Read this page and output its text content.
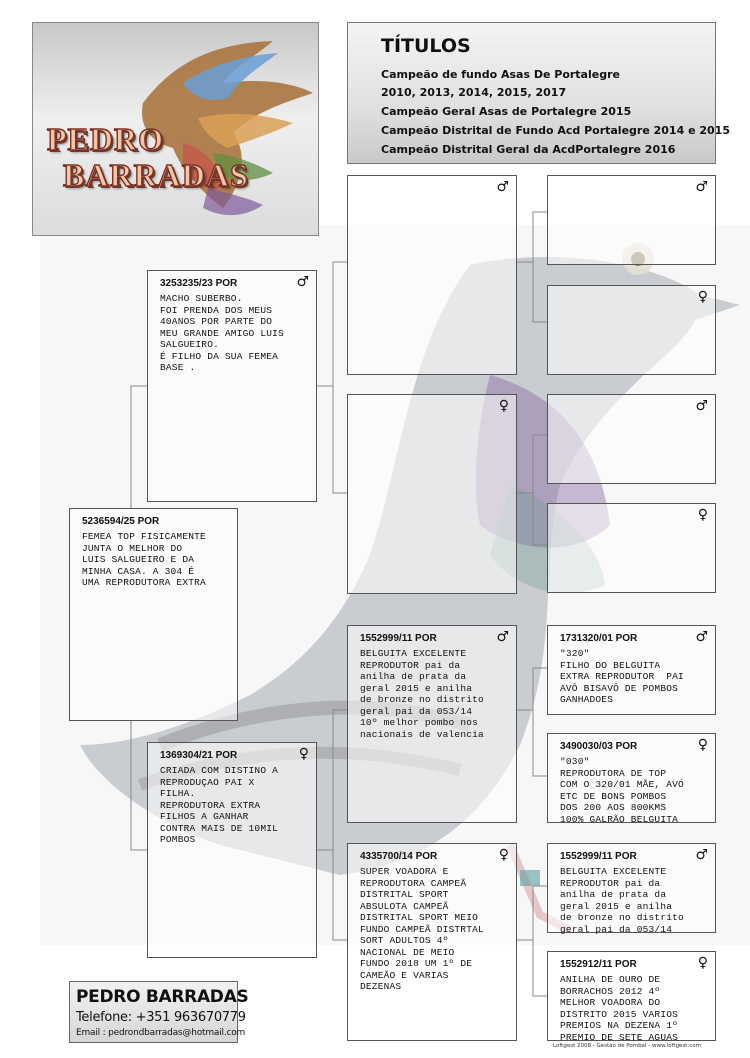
PEDRO
BARRADAS
TÍTULOS
Campeão de fundo Asas De Portalegre
2010, 2013, 2014, 2015, 2017
Campeão Geral Asas de Portalegre 2015
Campeão Distrital de Fundo Acd Portalegre 2014 e 2015
Campeão Distrital Geral da AcdPortalegre 2016
5236594/25 POR
FEMEA TOP FISICAMENTE
JUNTA O MELHOR DO
LUIS SALGUEIRO E DA
MINHA CASA. A 304 É
UMA REPRODUTORA EXTRA
3253235/23 POR	♂
MACHO SUBERBO.
FOI PRENDA DOS MEUS
40ANOS POR PARTE DO
MEU GRANDE AMIGO LUIS
SALGUEIRO.
É FILHO DA SUA FEMEA
BASE .
1369304/21 POR	♀
CRIADA COM DISTINO A
REPRODUÇAO PAI X
FILHA.
REPRODUTORA EXTRA
FILHOS A GANHAR
CONTRA MAIS DE 10MIL
POMBOS
♂
♀
♂
♀
♂
♀
1552999/11 POR	♂
BELGUITA EXCELENTE
REPRODUTOR pai da
anilha de prata da
geral 2015 e anilha
de bronze no distrito
geral pai da 053/14
10º melhor pombo nos
nacionais de valencia
4335700/14 POR	♀
SUPER VOADORA E
REPRODUTORA CAMPEÃ
DISTRITAL SPORT
ABSULOTA CAMPEÃ
DISTRITAL SPORT MEIO
FUNDO CAMPEÃ DISTRTAL
SORT ADULTOS 4º
NACIONAL DE MEIO
FUNDO 2018 UM 1º DE
CAMEÃO E VARIAS
DEZENAS
1731320/01 POR	♂
"320"
FILHO DO BELGUITA
EXTRA REPRODUTOR  PAI
AVÔ BISAVÔ DE POMBOS
GANHADOES
3490030/03 POR	♀
"030"
REPRODUTORA DE TOP
COM O 320/01 MÃE, AVÓ
ETC DE BONS POMBOS
DOS 200 AOS 800KMS
100% GALRÃO BELGUITA
1552999/11 POR	♂
BELGUITA EXCELENTE
REPRODUTOR pai da
anilha de prata da
geral 2015 e anilha
de bronze no distrito
geral pai da 053/14
1552912/11 POR	♀
ANILHA DE OURO DE
BORRACHOS 2012 4º
MELHOR VOADORA DO
DISTRITO 2015 VARIOS
PREMIOS NA DEZENA 1º
PREMIO DE SETE AGUAS
PEDRO BARRADAS
Telefone: +351 963670779
Email : pedrondbarradas@hotmail.com
Loftgest 2008 - Gestão de Pombal - www.loftgest.com
